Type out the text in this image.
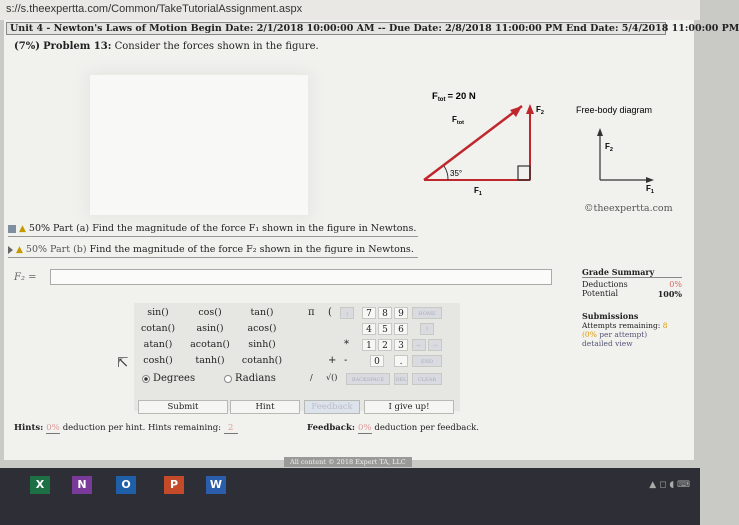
s://s.theexpertta.com/Common/TakeTutorialAssignment.aspx
Unit 4 - Newton's Laws of Motion Begin Date: 2/1/2018 10:00:00 AM -- Due Date: 2/8/2018 11:00:00 PM End Date: 5/4/2018 11:00:00 PM
(7%) Problem 13: Consider the forces shown in the figure.
$F_{tot} = 20$ N
$F_{tot}$
$F_2$
35°
$F_1$
Free-body diagram
$F_2$
$F_1$
©theexpertta.com
▲ 50% Part (a) Find the magnitude of the force F₁ shown in the figure in Newtons.
▲ 50% Part (b) Find the magnitude of the force F₂ shown in the figure in Newtons.
F₂ =	Grade Summary
Deductions	0%
Potential	100%
Submissions
Attempts remaining: 8
(0% per attempt)
detailed view
sin()	cos()	tan()
cotan()	asin()	acos()
atan()	acotan()	sinh()
cosh()	tanh()	cotanh()
π (	)	7	8	9	HOME
4	5	6	↑
*	1	2	3	←	→
+ -	0	.	END
Degrees	Radians	/ √()	BACKSPACE	DEL	CLEAR
Submit	Hint	Feedback	I give up!
Hints: 0% deduction per hint. Hints remaining: 2	Feedback: 0% deduction per feedback.
All content © 2018 Expert TA, LLC
⇱
X	N	O	P	W	▲ ◻ ◖ ⌨
